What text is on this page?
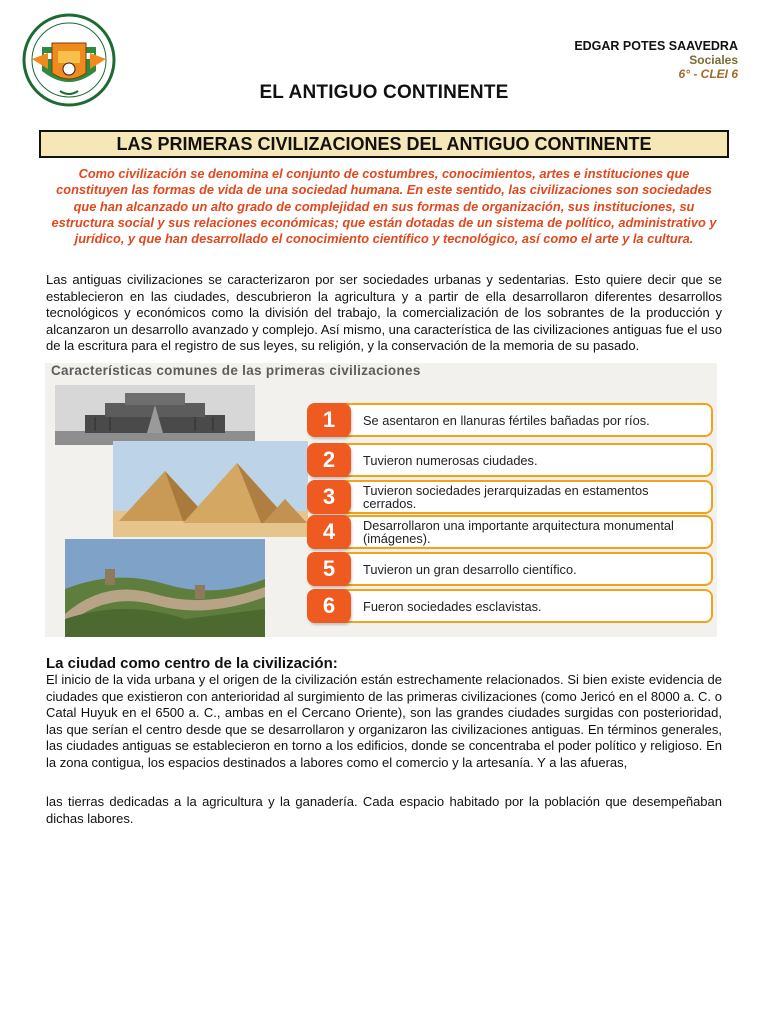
EDGAR POTES SAAVEDRA
Sociales
6° - CLEI 6
EL ANTIGUO CONTINENTE
LAS PRIMERAS CIVILIZACIONES DEL ANTIGUO CONTINENTE

Como civilización se denomina el conjunto de costumbres, conocimientos, artes e instituciones que constituyen las formas de vida de una sociedad humana. En este sentido, las civilizaciones son sociedades que han alcanzado un alto grado de complejidad en sus formas de organización, sus instituciones, su estructura social y sus relaciones económicas; que están dotadas de un sistema de político, administrativo y jurídico, y que han desarrollado el conocimiento científico y tecnológico, así como el arte y la cultura.

Las antiguas civilizaciones se caracterizaron por ser sociedades urbanas y sedentarias. Esto quiere decir que se establecieron en las ciudades, descubrieron la agricultura y a partir de ella desarrollaron diferentes desarrollos tecnológicos y económicos como la división del trabajo, la comercialización de los sobrantes de la producción y alcanzaron un desarrollo avanzado y complejo. Así mismo, una característica de las civilizaciones antiguas fue el uso de la escritura para el registro de sus leyes, su religión, y la conservación de la memoria de su pasado.

Características comunes de las primeras civilizaciones
1	Se asentaron en llanuras fértiles bañadas por ríos.
2	Tuvieron numerosas ciudades.
3	Tuvieron sociedades jerarquizadas en estamentos cerrados.
4	Desarrollaron una importante arquitectura monumental (imágenes).
5	Tuvieron un gran desarrollo científico.
6	Fueron sociedades esclavistas.
La ciudad como centro de la civilización:

El inicio de la vida urbana y el origen de la civilización están estrechamente relacionados. Si bien existe evidencia de ciudades que existieron con anterioridad al surgimiento de las primeras civilizaciones (como Jericó en el 8000 a. C. o Catal Huyuk en el 6500 a. C., ambas en el Cercano Oriente), son las grandes ciudades surgidas con posterioridad, las que serían el centro desde que se desarrollaron y organizaron las civilizaciones antiguas. En términos generales, las ciudades antiguas se establecieron en torno a los edificios, donde se concentraba el poder político y religioso. En la zona contigua, los espacios destinados a labores como el comercio y la artesanía. Y a las afueras,

las tierras dedicadas a la agricultura y la ganadería. Cada espacio habitado por la población que desempeñaban dichas labores.
